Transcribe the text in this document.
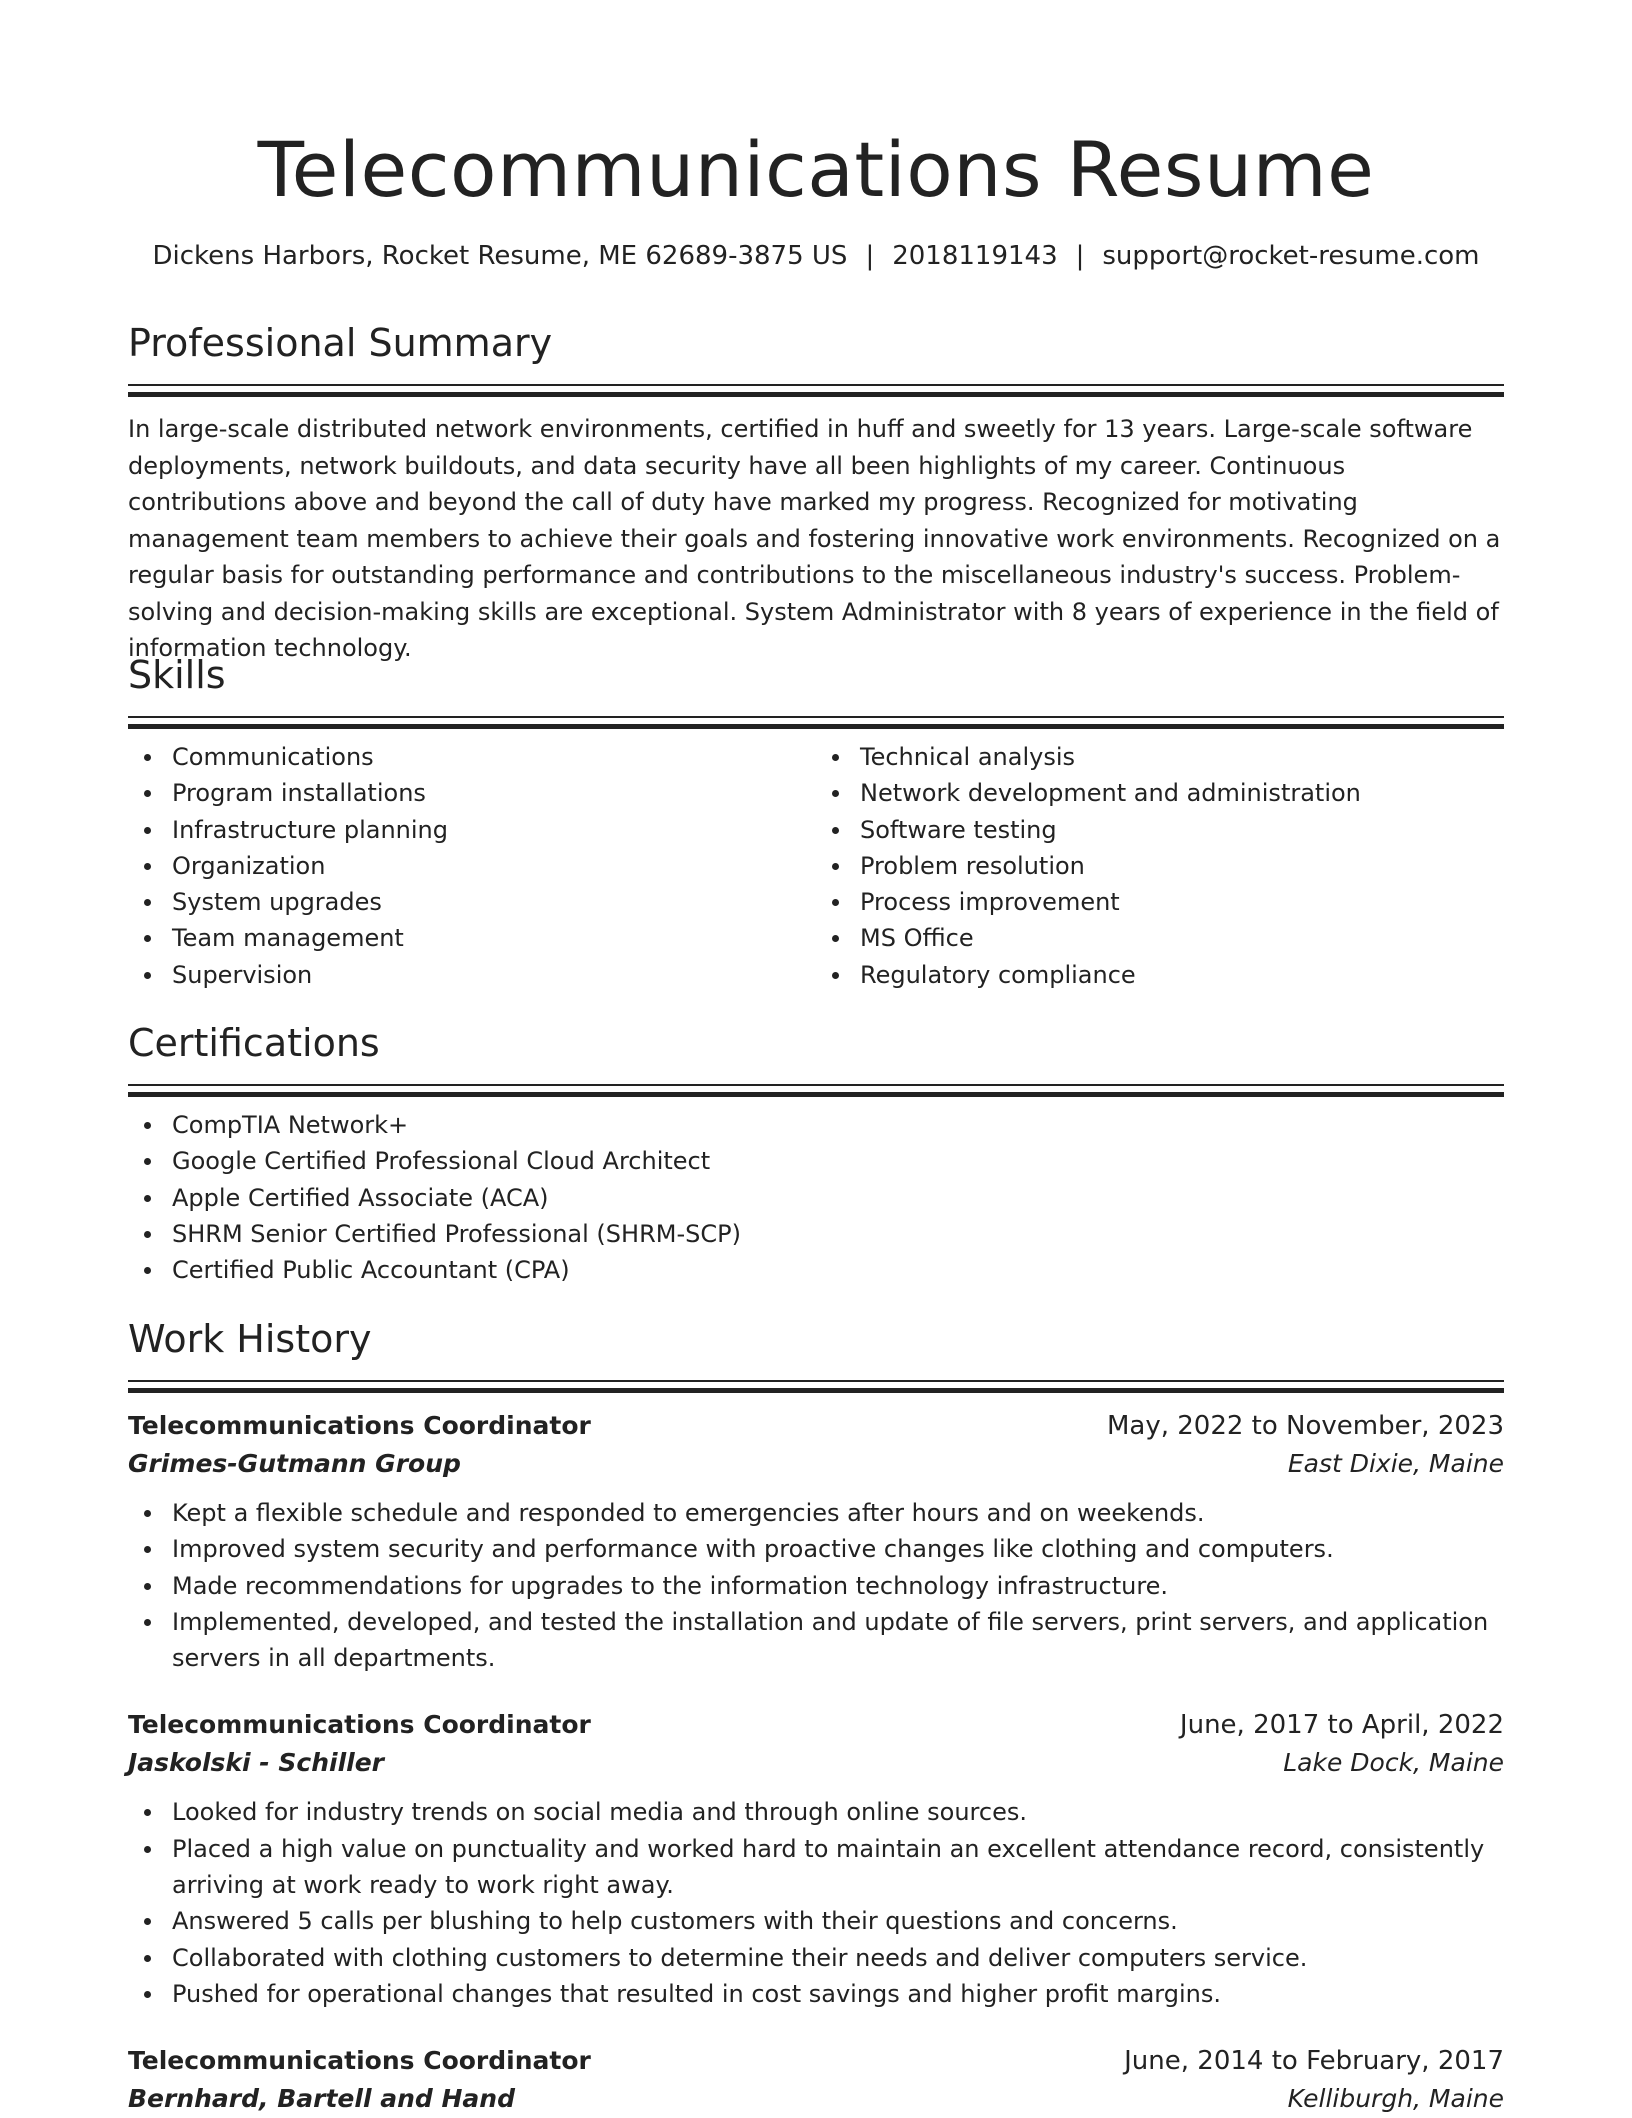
Telecommunications Resume
Dickens Harbors, Rocket Resume, ME 62689-3875 US | 2018119143 | support@rocket-resume.com
Professional Summary

In large-scale distributed network environments, certified in huff and sweetly for 13 years. Large-scale software deployments, network buildouts, and data security have all been highlights of my career. Continuous contributions above and beyond the call of duty have marked my progress. Recognized for motivating management team members to achieve their goals and fostering innovative work environments. Recognized on a regular basis for outstanding performance and contributions to the miscellaneous industry's success. Problem-solving and decision-making skills are exceptional. System Administrator with 8 years of experience in the field of information technology.

Skills
Communications
Program installations
Infrastructure planning
Organization
System upgrades
Team management
Supervision
Technical analysis
Network development and administration
Software testing
Problem resolution
Process improvement
MS Office
Regulatory compliance
Certifications
CompTIA Network+
Google Certified Professional Cloud Architect
Apple Certified Associate (ACA)
SHRM Senior Certified Professional (SHRM-SCP)
Certified Public Accountant (CPA)
Work History
Telecommunications Coordinator	May, 2022 to November, 2023
Grimes-Gutmann Group	East Dixie, Maine
Kept a flexible schedule and responded to emergencies after hours and on weekends.
Improved system security and performance with proactive changes like clothing and computers.
Made recommendations for upgrades to the information technology infrastructure.
Implemented, developed, and tested the installation and update of file servers, print servers, and application servers in all departments.
Telecommunications Coordinator	June, 2017 to April, 2022
Jaskolski - Schiller	Lake Dock, Maine
Looked for industry trends on social media and through online sources.
Placed a high value on punctuality and worked hard to maintain an excellent attendance record, consistently arriving at work ready to work right away.
Answered 5 calls per blushing to help customers with their questions and concerns.
Collaborated with clothing customers to determine their needs and deliver computers service.
Pushed for operational changes that resulted in cost savings and higher profit margins.
Telecommunications Coordinator	June, 2014 to February, 2017
Bernhard, Bartell and Hand	Kelliburgh, Maine
